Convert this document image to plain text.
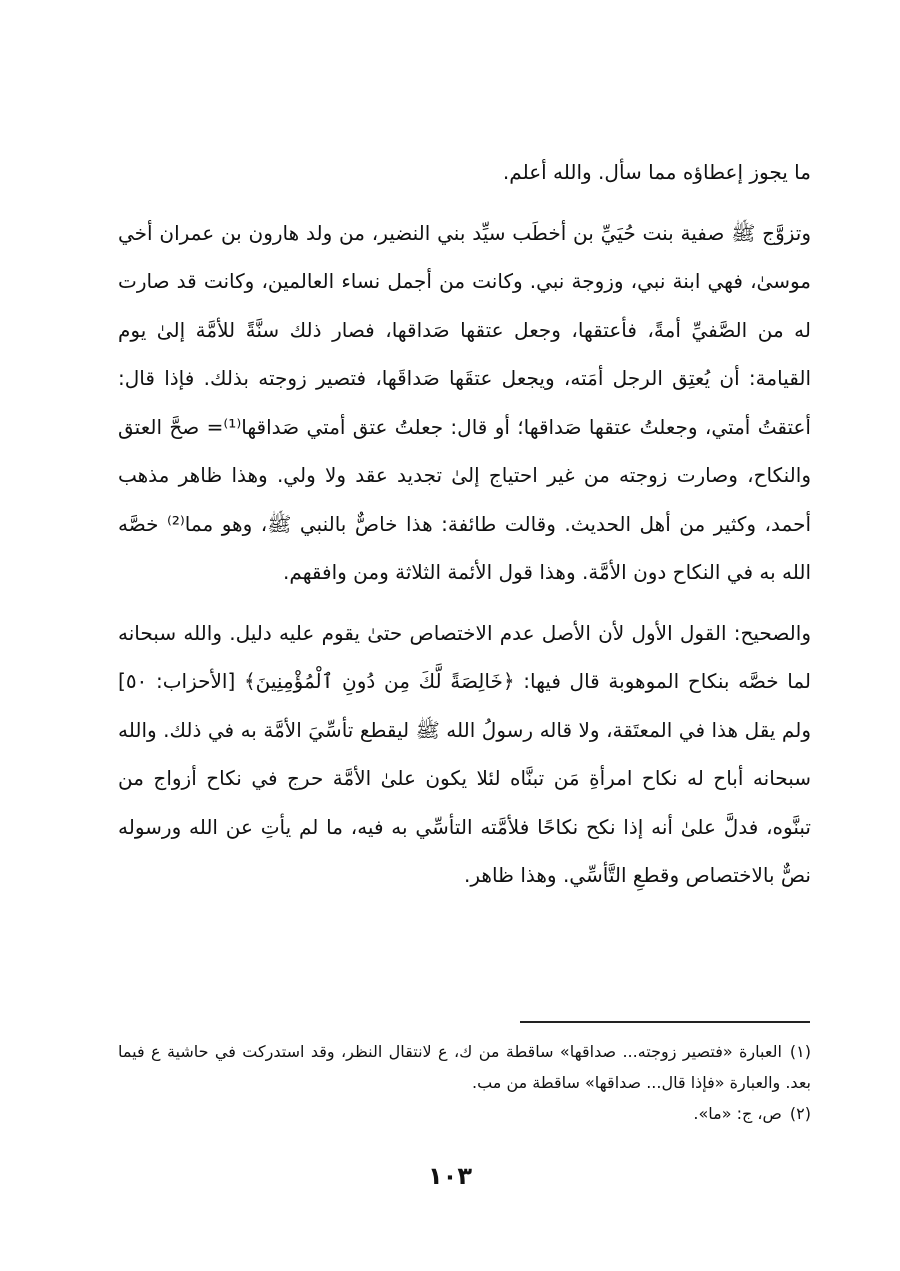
ما يجوز إعطاؤه مما سأل. والله أعلم.

وتزوَّج ﷺ صفية بنت حُيَيِّ بن أخطَب سيِّد بني النضير، من ولد هارون بن عمران أخي موسىٰ، فهي ابنة نبي، وزوجة نبي. وكانت من أجمل نساء العالمين، وكانت قد صارت له من الصَّفيِّ أمةً، فأعتقها، وجعل عتقها صَداقها، فصار ذلك سنَّةً للأمَّة إلىٰ يوم القيامة: أن يُعتِق الرجل أمَته، ويجعل عتقَها صَداقَها، فتصير زوجته بذلك. فإذا قال: أعتقتُ أمتي، وجعلتُ عتقها صَداقها؛ أو قال: جعلتُ عتق أمتي صَداقها⁽¹⁾= صحَّ العتق والنكاح، وصارت زوجته من غير احتياج إلىٰ تجديد عقد ولا ولي. وهذا ظاهر مذهب أحمد، وكثير من أهل الحديث. وقالت طائفة: هذا خاصٌّ بالنبي ﷺ، وهو مما⁽²⁾ خصَّه الله به في النكاح دون الأمَّة. وهذا قول الأئمة الثلاثة ومن وافقهم.

والصحيح: القول الأول لأن الأصل عدم الاختصاص حتىٰ يقوم عليه دليل. والله سبحانه لما خصَّه بنكاح الموهوبة قال فيها: ﴿خَالِصَةً لَّكَ مِن دُونِ ٱلْمُؤْمِنِينَ﴾ [الأحزاب: ٥٠] ولم يقل هذا في المعتَقة، ولا قاله رسولُ الله ﷺ ليقطع تأسِّيَ الأمَّة به في ذلك. والله سبحانه أباح له نكاح امرأةِ مَن تبنَّاه لئلا يكون علىٰ الأمَّة حرج في نكاح أزواج من تبنَّوه، فدلَّ علىٰ أنه إذا نكح نكاحًا فلأمَّته التأسِّي به فيه، ما لم يأتِ عن الله ورسوله نصٌّ بالاختصاص وقطعِ التَّأسِّي. وهذا ظاهر.

(١)العبارة «فتصير زوجته... صداقها» ساقطة من ك، ع لانتقال النظر، وقد استدركت في حاشية ع فيما بعد. والعبارة «فإذا قال... صداقها» ساقطة من مب.

(٢)ص، ج: «ما».

١٠٣
